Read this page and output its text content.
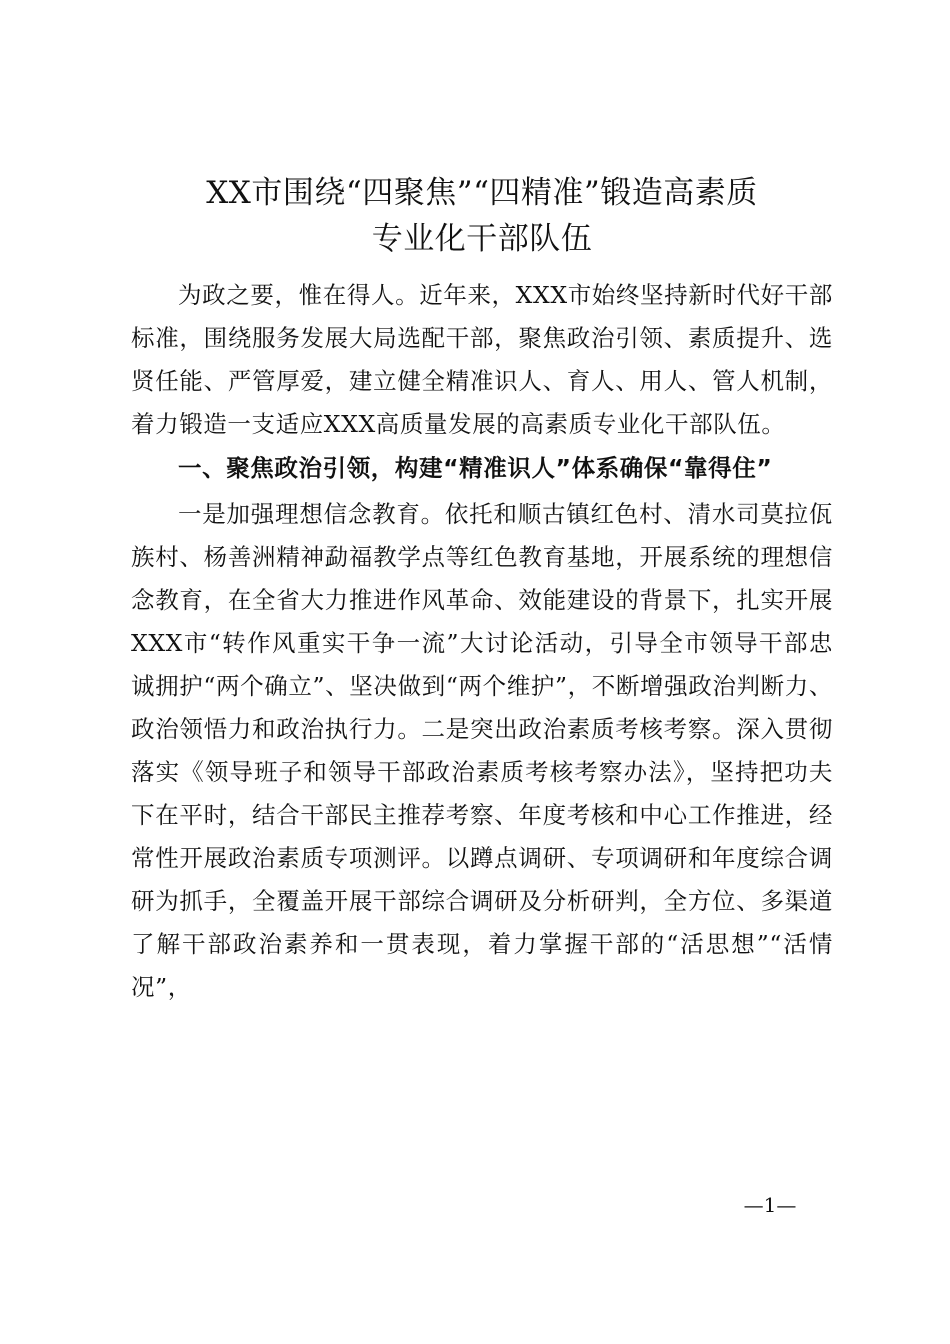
XX市围绕“四聚焦”“四精准”锻造高素质
专业化干部队伍

为政之要，惟在得人。近年来，XXX市始终坚持新时代好干部标准，围绕服务发展大局选配干部，聚焦政治引领、素质提升、选贤任能、严管厚爱，建立健全精准识人、育人、用人、管人机制，着力锻造一支适应XXX高质量发展的高素质专业化干部队伍。

一、聚焦政治引领，构建“精准识人”体系确保“靠得住”

一是加强理想信念教育。依托和顺古镇红色村、清水司莫拉佤族村、杨善洲精神勐福教学点等红色教育基地，开展系统的理想信念教育，在全省大力推进作风革命、效能建设的背景下，扎实开展XXX市“转作风重实干争一流”大讨论活动，引导全市领导干部忠诚拥护“两个确立”、坚决做到“两个维护”，不断增强政治判断力、政治领悟力和政治执行力。二是突出政治素质考核考察。深入贯彻落实《领导班子和领导干部政治素质考核考察办法》，坚持把功夫下在平时，结合干部民主推荐考察、年度考核和中心工作推进，经常性开展政治素质专项测评。以蹲点调研、专项调研和年度综合调研为抓手，全覆盖开展干部综合调研及分析研判，全方位、多渠道了解干部政治素养和一贯表现，着力掌握干部的“活思想”“活情况”，

—1—
